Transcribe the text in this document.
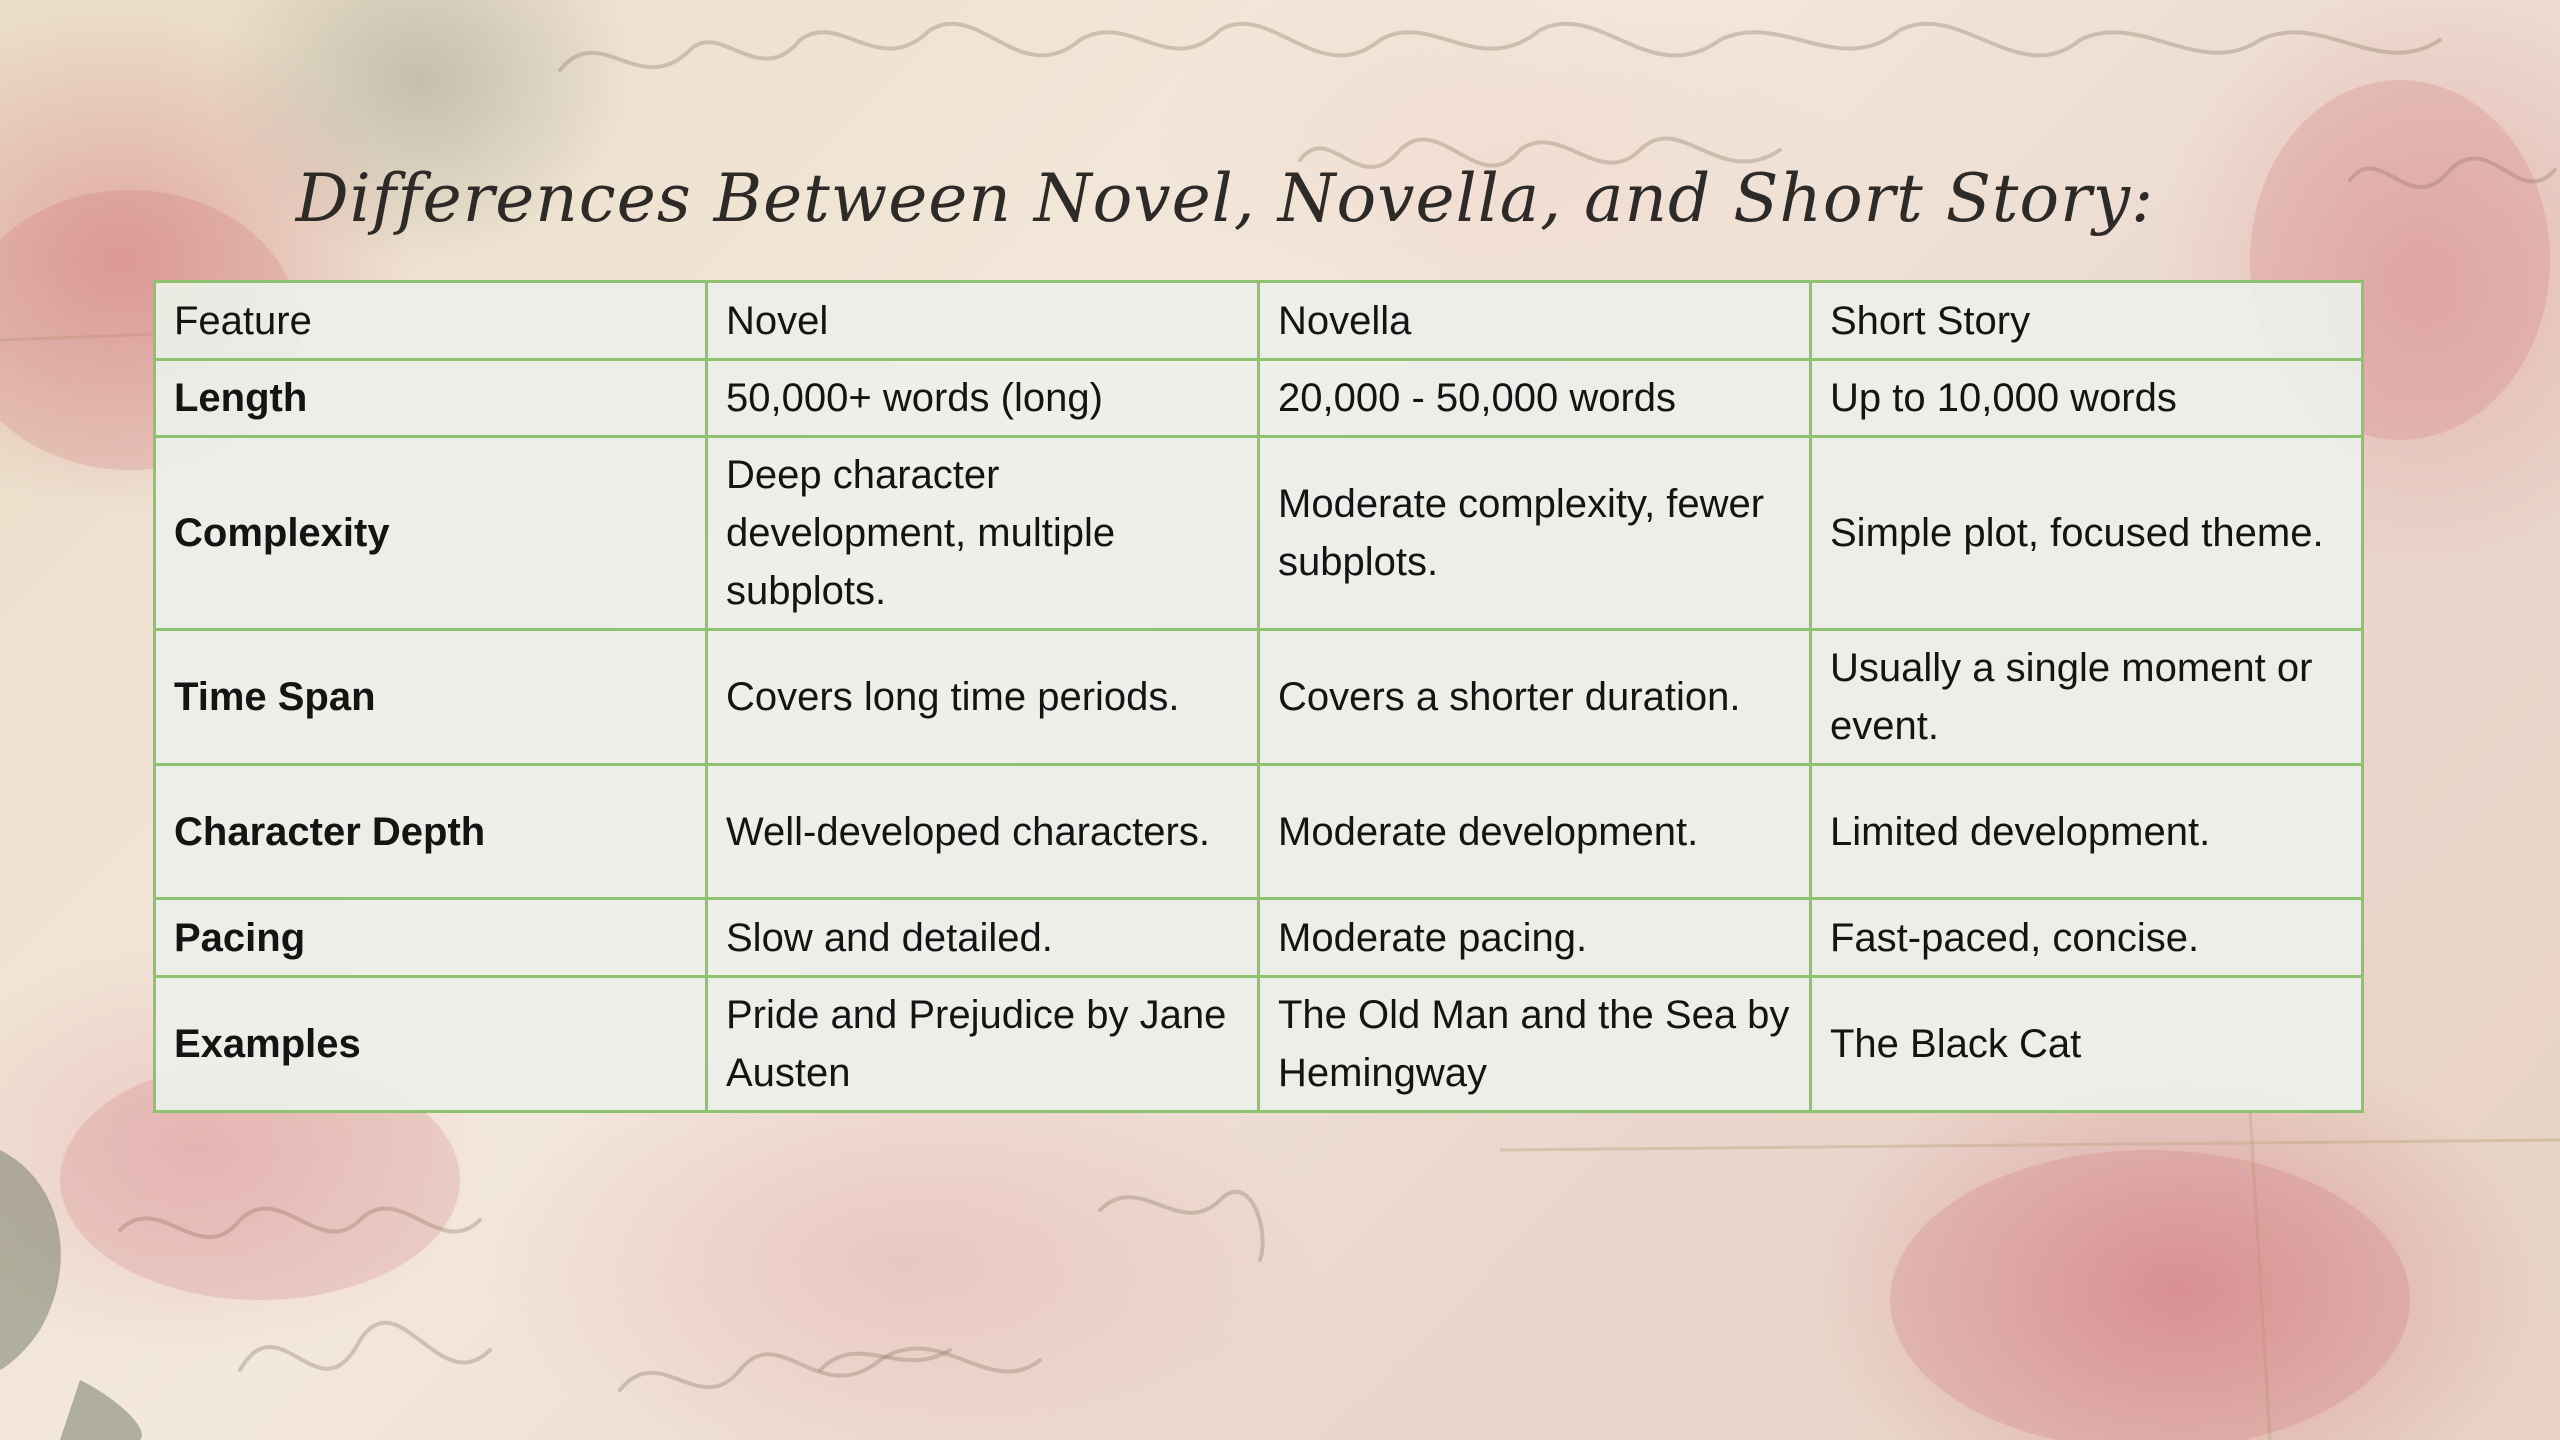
Differences Between Novel, Novella, and Short Story:
Feature	Novel	Novella	Short Story
Length	50,000+ words (long)	20,000 - 50,000 words	Up to 10,000 words
Complexity	Deep character development, multiple subplots.	Moderate complexity, fewer subplots.	Simple plot, focused theme.
Time Span	Covers long time periods.	Covers a shorter duration.	Usually a single moment or event.
Character Depth	Well-developed characters.	Moderate development.	Limited development.
Pacing	Slow and detailed.	Moderate pacing.	Fast-paced, concise.
Examples	Pride and Prejudice by Jane Austen	The Old Man and the Sea by Hemingway	The Black Cat
